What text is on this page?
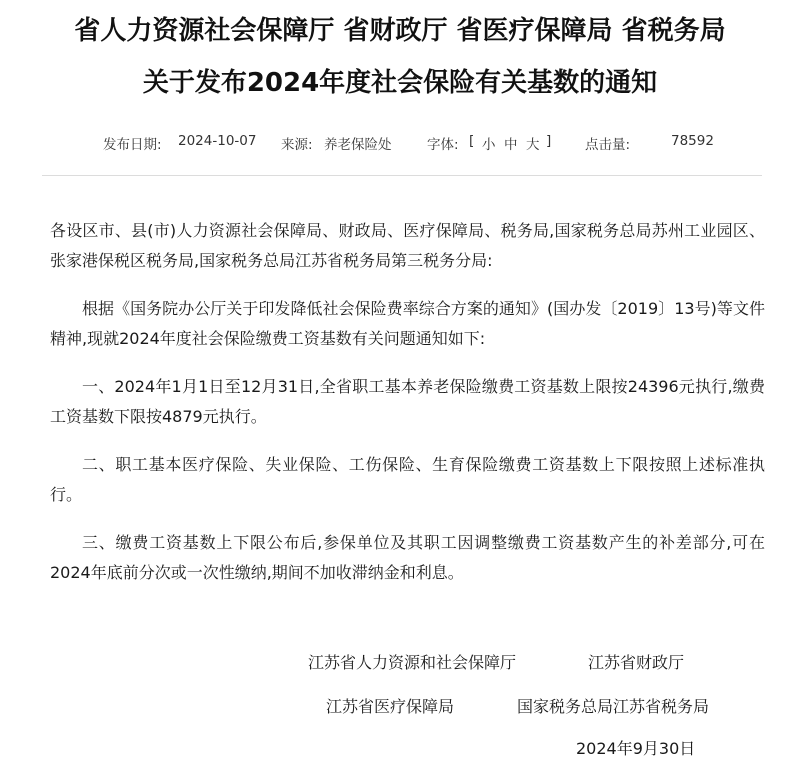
省人力资源社会保障厅 省财政厅 省医疗保障局 省税务局
关于发布2024年度社会保险有关基数的通知
发布日期: 2024-10-07 来源: 养老保险处	字体: [ 小 中 大 ] 点击量:	78592
各设区市、县(市)人力资源社会保障局、财政局、医疗保障局、税务局,国家税务总局苏州工业园区、张家港保税区税务局,国家税务总局江苏省税务局第三税务分局:
根据《国务院办公厅关于印发降低社会保险费率综合方案的通知》(国办发〔2019〕13号)等文件精神,现就2024年度社会保险缴费工资基数有关问题通知如下:
一、2024年1月1日至12月31日,全省职工基本养老保险缴费工资基数上限按24396元执行,缴费工资基数下限按4879元执行。
二、职工基本医疗保险、失业保险、工伤保险、生育保险缴费工资基数上下限按照上述标准执行。
三、缴费工资基数上下限公布后,参保单位及其职工因调整缴费工资基数产生的补差部分,可在2024年底前分次或一次性缴纳,期间不加收滞纳金和利息。
江苏省人力资源和社会保障厅	江苏省财政厅
江苏省医疗保障局	国家税务总局江苏省税务局
2024年9月30日
